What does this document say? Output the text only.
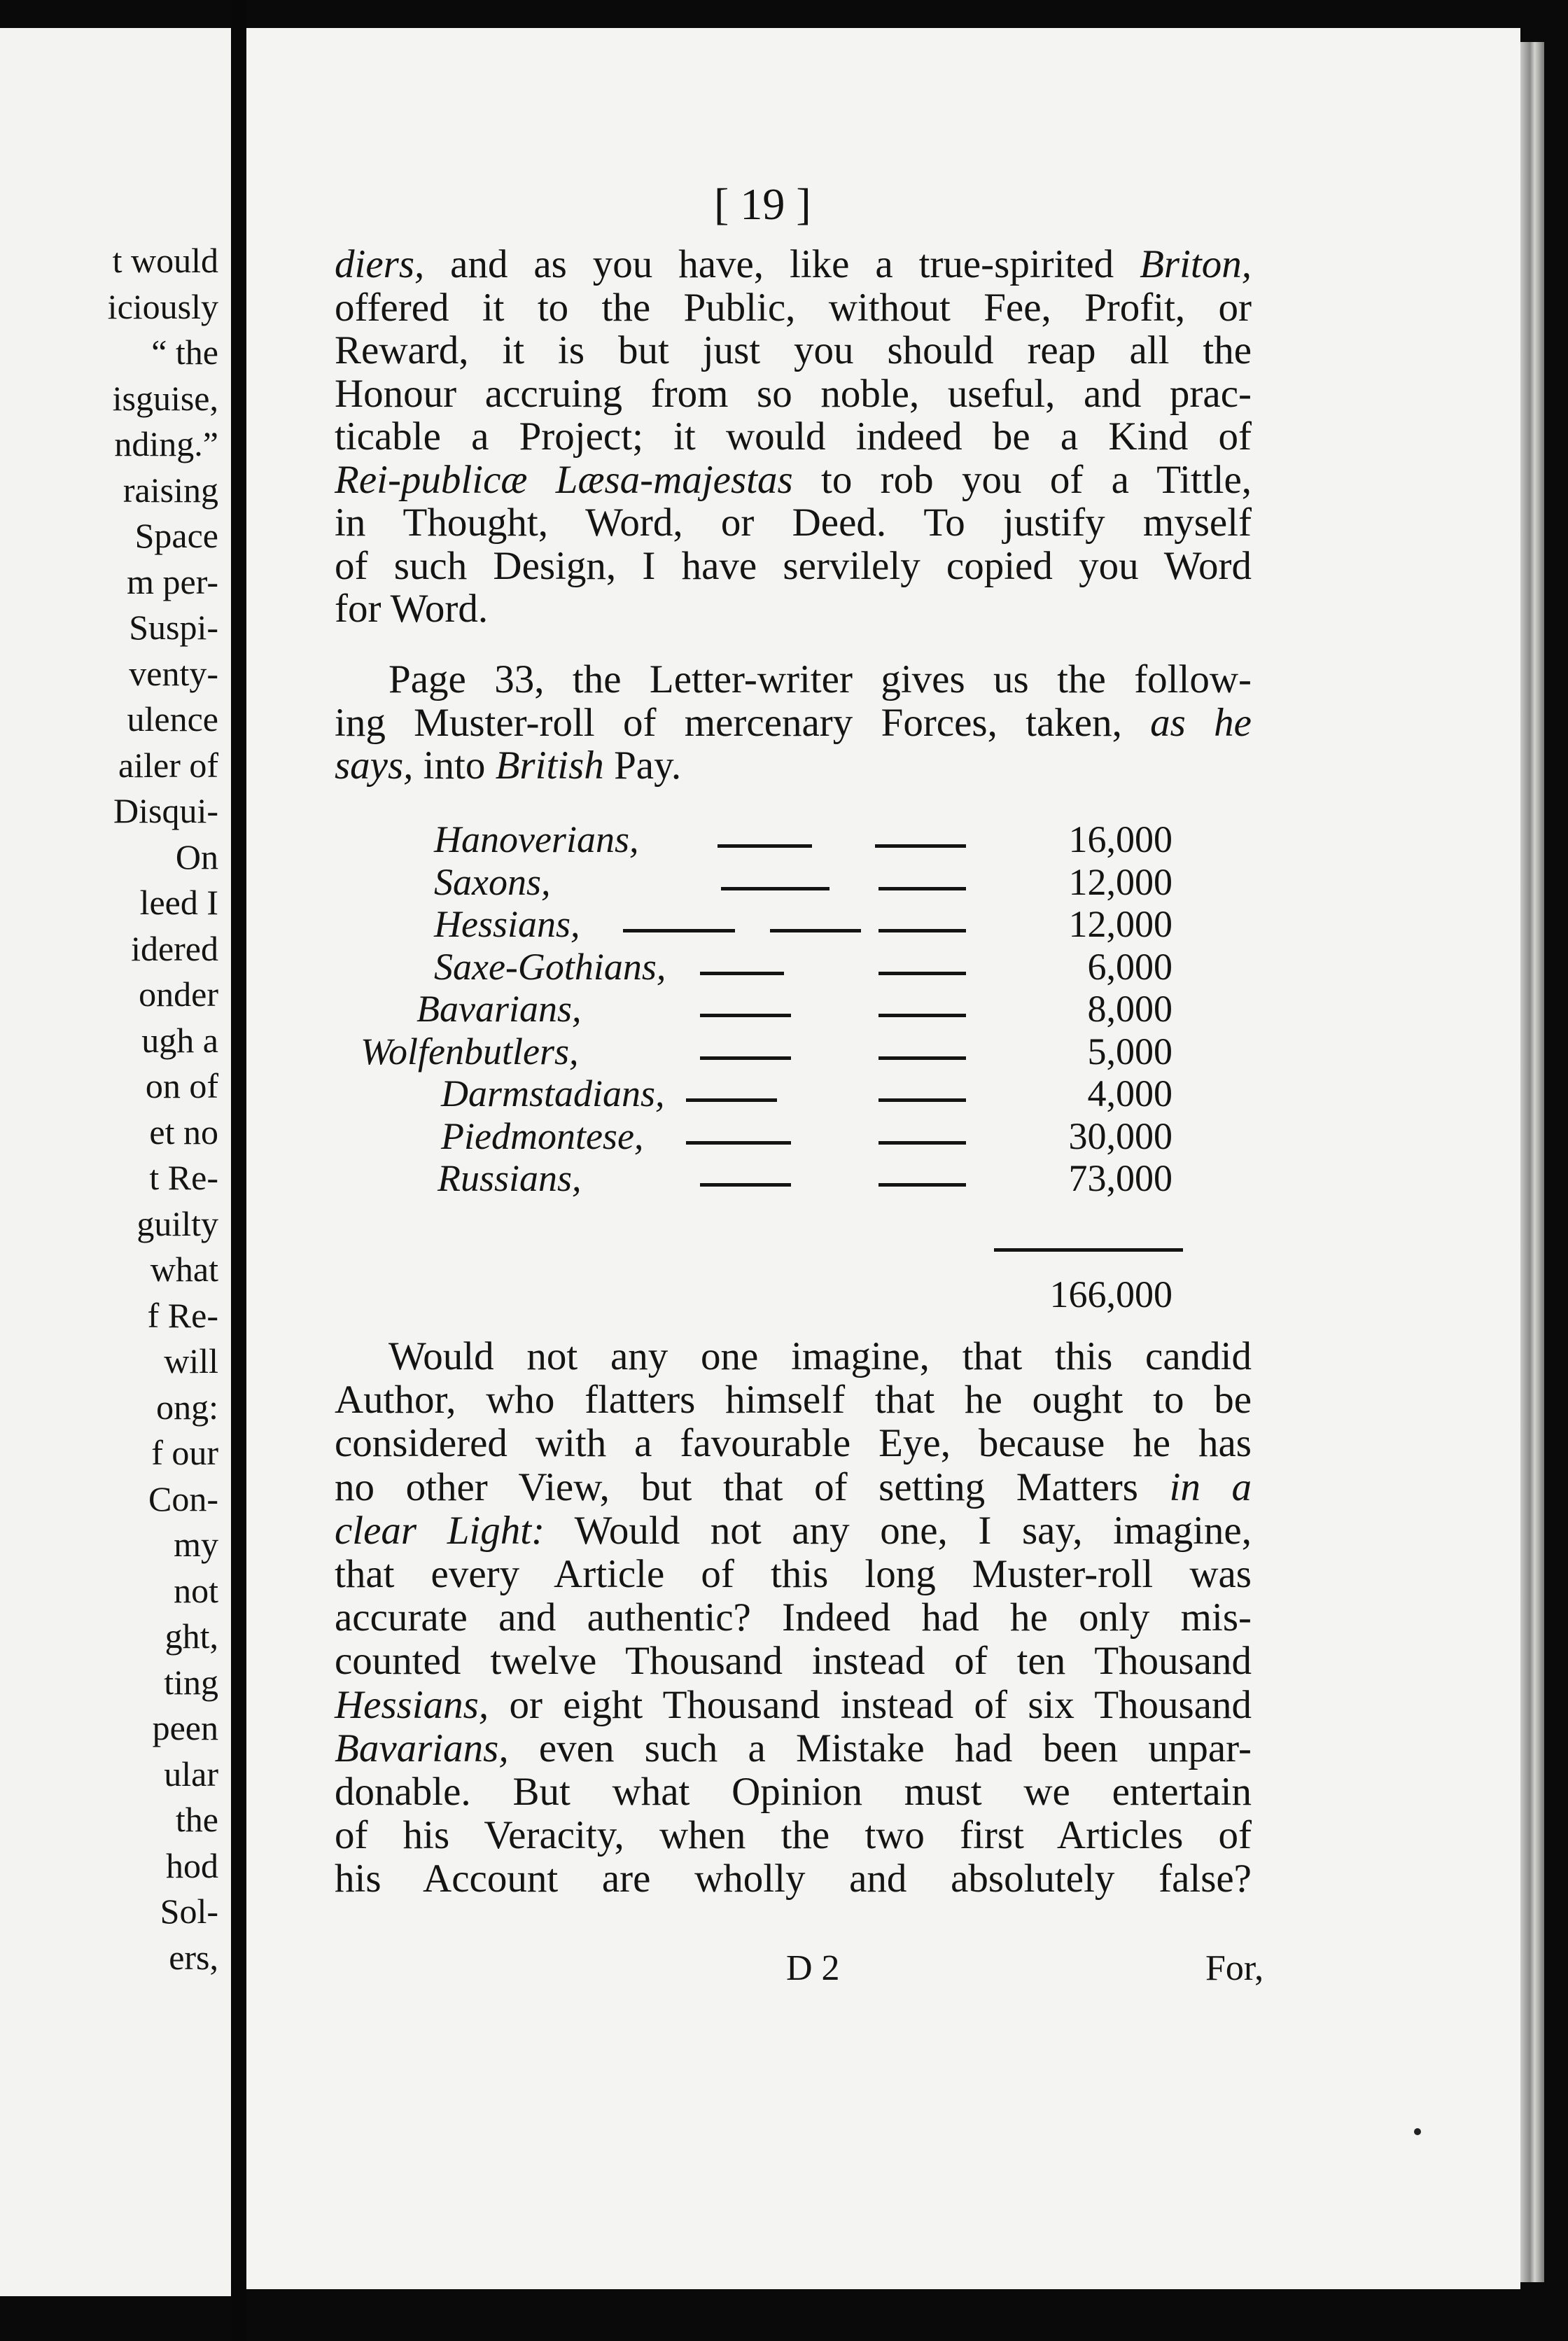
t would
iciously
“ the
isguise,
nding.”
raising
Space
m per-
Suspi-
venty-
ulence
ailer of
Disqui-
On
leed I
idered
onder
ugh a
on of
et no
t Re-
guilty
what
f Re-
will
ong:
f our
Con-
my
not
ght,
ting
peen
ular
the
hod
Sol-
ers,
[ 19 ]
diers, and as you have, like a true-spirited Briton,
offered it to the Public, without Fee, Profit, or
Reward, it is but just you should reap all the
Honour accruing from so noble, useful, and prac-
ticable a Project; it would indeed be a Kind of
Rei-publicæ Læsa-majestas to rob you of a Tittle,
in Thought, Word, or Deed. To justify myself
of such Design, I have servilely copied you Word
for Word.
Page 33, the Letter-writer gives us the follow-
ing Muster-roll of mercenary Forces, taken, as he
says, into British Pay.
Would not any one imagine, that this candid
Author, who flatters himself that he ought to be
considered with a favourable Eye, because he has
no other View, but that of setting Matters in a
clear Light: Would not any one, I say, imagine,
that every Article of this long Muster-roll was
accurate and authentic? Indeed had he only mis-
counted twelve Thousand instead of ten Thousand
Hessians, or eight Thousand instead of six Thousand
Bavarians, even such a Mistake had been unpar-
donable. But what Opinion must we entertain
of his Veracity, when the two first Articles of
his Account are wholly and absolutely false?
Hanoverians,	16,000
Saxons,	12,000
Hessians,	12,000
Saxe-Gothians,	6,000
Bavarians,	8,000
Wolfenbutlers,	5,000
Darmstadians,	4,000
Piedmontese,	30,000
Russians,	73,000
166,000
D 2	For,
